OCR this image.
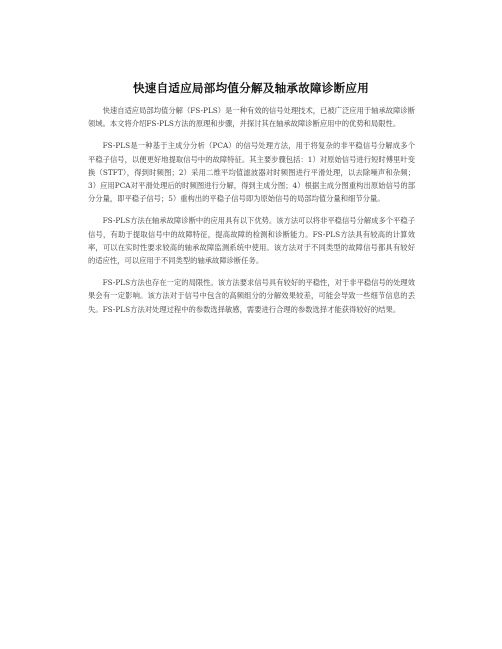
快速自适应局部均值分解及轴承故障诊断应用

快速自适应局部均值分解（FS-PLS）是一种有效的信号处理技术，已被广泛应用于轴承故障诊断领域。本文将介绍FS-PLS方法的原理和步骤，并探讨其在轴承故障诊断应用中的优势和局限性。

FS-PLS是一种基于主成分分析（PCA）的信号处理方法，用于将复杂的非平稳信号分解成多个平稳子信号，以便更好地提取信号中的故障特征。其主要步骤包括：1）对原始信号进行短时傅里叶变换（STFT），得到时频图；2）采用二维平均值滤波器对时频图进行平滑处理，以去除噪声和杂频；3）应用PCA对平滑处理后的时频图进行分解，得到主成分图；4）根据主成分图重构出原始信号的部分分量，即平稳子信号；5）重构出的平稳子信号即为原始信号的局部均值分量和细节分量。

FS-PLS方法在轴承故障诊断中的应用具有以下优势。该方法可以将非平稳信号分解成多个平稳子信号，有助于提取信号中的故障特征，提高故障的检测和诊断能力。FS-PLS方法具有较高的计算效率，可以在实时性要求较高的轴承故障监测系统中使用。该方法对于不同类型的故障信号都具有较好的适应性，可以应用于不同类型的轴承故障诊断任务。

FS-PLS方法也存在一定的局限性。该方法要求信号具有较好的平稳性，对于非平稳信号的处理效果会有一定影响。该方法对于信号中包含的高频组分的分解效果较差，可能会导致一些细节信息的丢失。FS-PLS方法对处理过程中的参数选择敏感，需要进行合理的参数选择才能获得较好的结果。
